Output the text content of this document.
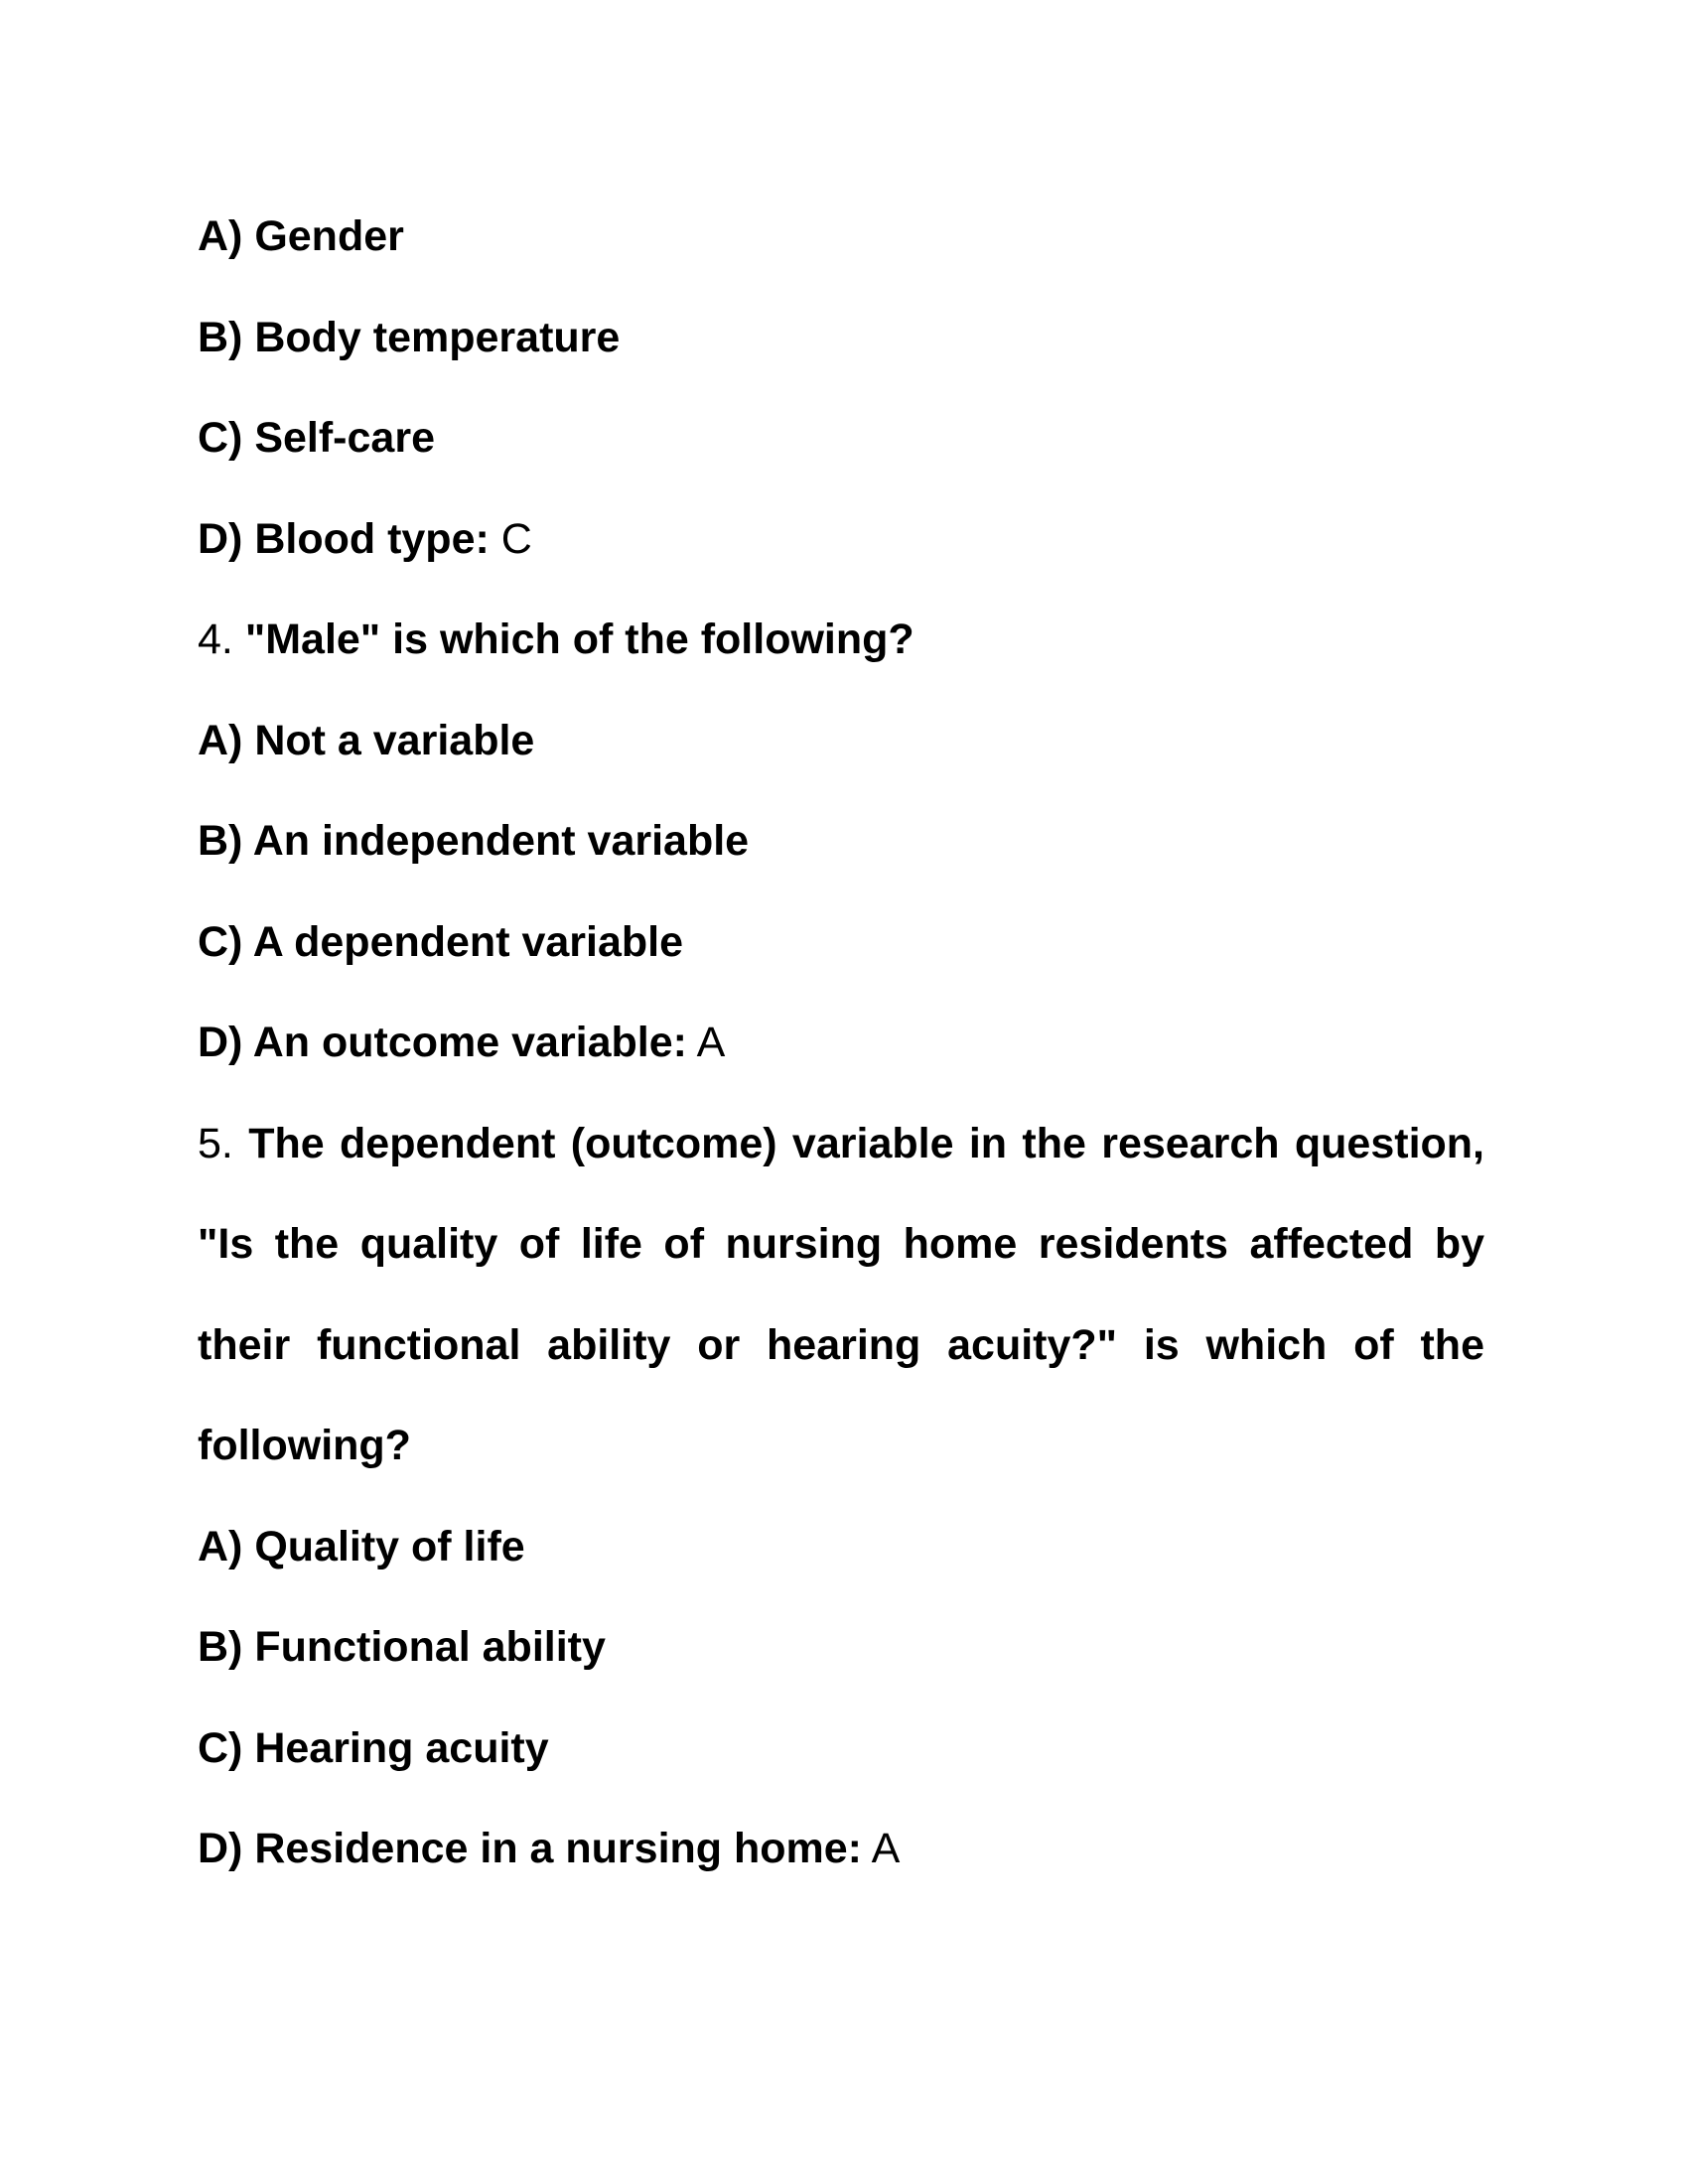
A) Gender
B) Body temperature
C) Self-care
D) Blood type: C
4. "Male" is which of the following?
A) Not a variable
B) An independent variable
C) A dependent variable
D) An outcome variable: A
5. The dependent (outcome) variable in the research question, "Is the quality of life of nursing home residents affected by their functional ability or hearing acuity?" is which of the following?
A) Quality of life
B) Functional ability
C) Hearing acuity
D) Residence in a nursing home: A
